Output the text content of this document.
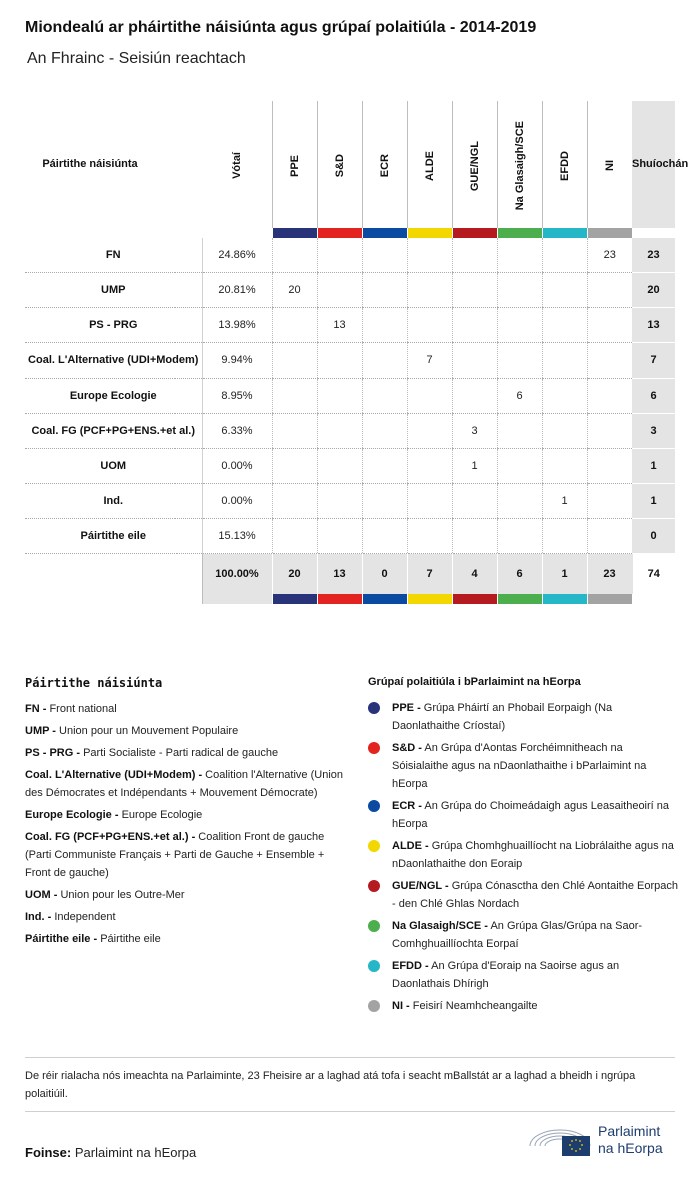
Miondealú ar pháirtithe náisiúnta agus grúpaí polaitiúla - 2014-2019
An Fhrainc - Seisiún reachtach
Páirtithe náisiúnta		Vótaí	PPE	S&D	ECR	ALDE	GUE/NGL	Na Glasaigh/SCE	EFDD	NI	Shuíochán

FN		24.86%								23	23
UMP		20.81%	20								20
PS - PRG		13.98%		13							13
Coal. L'Alternative (UDI+Modem)		9.94%				7					7
Europe Ecologie		8.95%						6			6
Coal. FG (PCF+PG+ENS.+et al.)		6.33%					3				3
UOM		0.00%					1				1
Ind.		0.00%							1		1
Páirtithe eile		15.13%									0
		100.00%	20	13	0	7	4	6	1	23	74

Páirtithe náisiúnta
FN - Front national
UMP - Union pour un Mouvement Populaire
PS - PRG - Parti Socialiste - Parti radical de gauche
Coal. L'Alternative (UDI+Modem) - Coalition l'Alternative (Union des Démocrates et Indépendants + Mouvement Démocrate)
Europe Ecologie - Europe Ecologie
Coal. FG (PCF+PG+ENS.+et al.) - Coalition Front de gauche (Parti Communiste Français + Parti de Gauche + Ensemble + Front de gauche)
UOM - Union pour les Outre-Mer
Ind. - Independent
Páirtithe eile - Páirtithe eile
Grúpaí polaitiúla i bParlaimint na hEorpa
PPE - Grúpa Pháirtí an Phobail Eorpaigh (Na Daonlathaithe Críostaí)
S&D - An Grúpa d'Aontas Forchéimnitheach na Sóisialaithe agus na nDaonlathaithe i bParlaimint na hEorpa
ECR - An Grúpa do Choimeádaigh agus Leasaitheoirí na hEorpa
ALDE - Grúpa Chomhghuaillíocht na Liobrálaithe agus na nDaonlathaithe don Eoraip
GUE/NGL - Grúpa Cónasctha den Chlé Aontaithe Eorpach - den Chlé Ghlas Nordach
Na Glasaigh/SCE - An Grúpa Glas/Grúpa na Saor-Comhghuaillíochta Eorpaí
EFDD - An Grúpa d'Eoraip na Saoirse agus an Daonlathais Dhírigh
NI - Feisirí Neamhcheangailte
De réir rialacha nós imeachta na Parlaiminte, 23 Fheisire ar a laghad atá tofa i seacht mBallstát ar a laghad a bheidh i ngrúpa polaitiúil.
Foinse: Parlaimint na hEorpa
Parlaimint
na hEorpa
